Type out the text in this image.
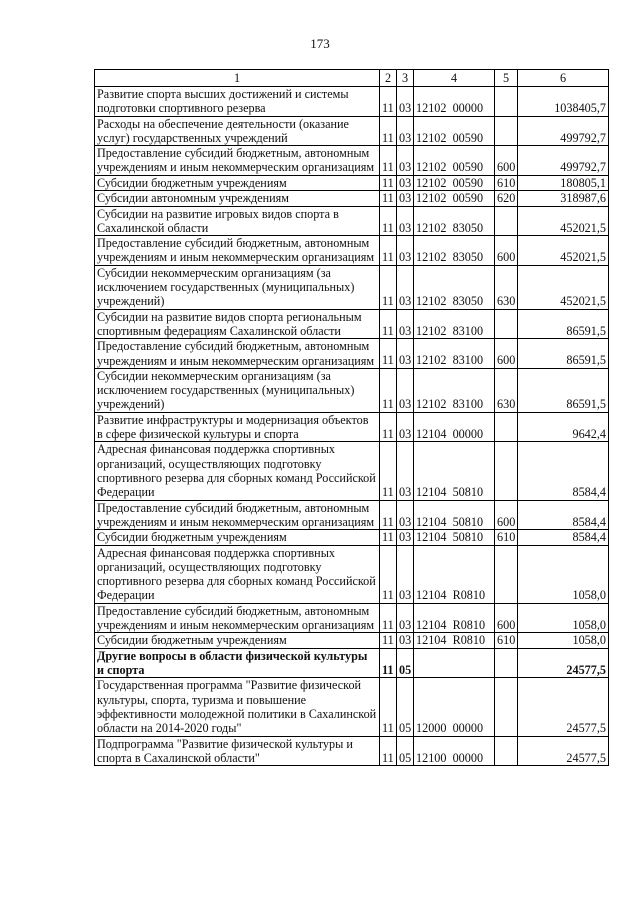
173
1	2	3	4	5	6
Развитие спорта высших достижений и системы подготовки спортивного резерва	11	03	12102  00000		1038405,7
Расходы на обеспечение деятельности (оказание услуг) государственных учреждений	11	03	12102  00590		499792,7
Предоставление субсидий бюджетным, автономным учреждениям и иным некоммерческим организациям	11	03	12102  00590	600	499792,7
Субсидии бюджетным учреждениям	11	03	12102  00590	610	180805,1
Субсидии автономным учреждениям	11	03	12102  00590	620	318987,6
Субсидии на развитие игровых видов спорта в Сахалинской области	11	03	12102  83050		452021,5
Предоставление субсидий бюджетным, автономным учреждениям и иным некоммерческим организациям	11	03	12102  83050	600	452021,5
Субсидии некоммерческим организациям (за исключением государственных (муниципальных) учреждений)	11	03	12102  83050	630	452021,5
Субсидии на развитие видов спорта региональным спортивным федерациям Сахалинской области	11	03	12102  83100		86591,5
Предоставление субсидий бюджетным, автономным учреждениям и иным некоммерческим организациям	11	03	12102  83100	600	86591,5
Субсидии некоммерческим организациям (за исключением государственных (муниципальных) учреждений)	11	03	12102  83100	630	86591,5
Развитие инфраструктуры и модернизация объектов в сфере физической культуры и спорта	11	03	12104  00000		9642,4
Адресная финансовая поддержка спортивных организаций, осуществляющих подготовку спортивного резерва для сборных команд Российской Федерации	11	03	12104  50810		8584,4
Предоставление субсидий бюджетным, автономным учреждениям и иным некоммерческим организациям	11	03	12104  50810	600	8584,4
Субсидии бюджетным учреждениям	11	03	12104  50810	610	8584,4
Адресная финансовая поддержка спортивных организаций, осуществляющих подготовку спортивного резерва для сборных команд Российской Федерации	11	03	12104  R0810		1058,0
Предоставление субсидий бюджетным, автономным учреждениям и иным некоммерческим организациям	11	03	12104  R0810	600	1058,0
Субсидии бюджетным учреждениям	11	03	12104  R0810	610	1058,0
Другие вопросы в области физической культуры и спорта	11	05			24577,5
Государственная программа "Развитие физической культуры, спорта, туризма и повышение эффективности молодежной политики в Сахалинской области на 2014-2020 годы"	11	05	12000  00000		24577,5
Подпрограмма "Развитие физической культуры и спорта в Сахалинской области"	11	05	12100  00000		24577,5
